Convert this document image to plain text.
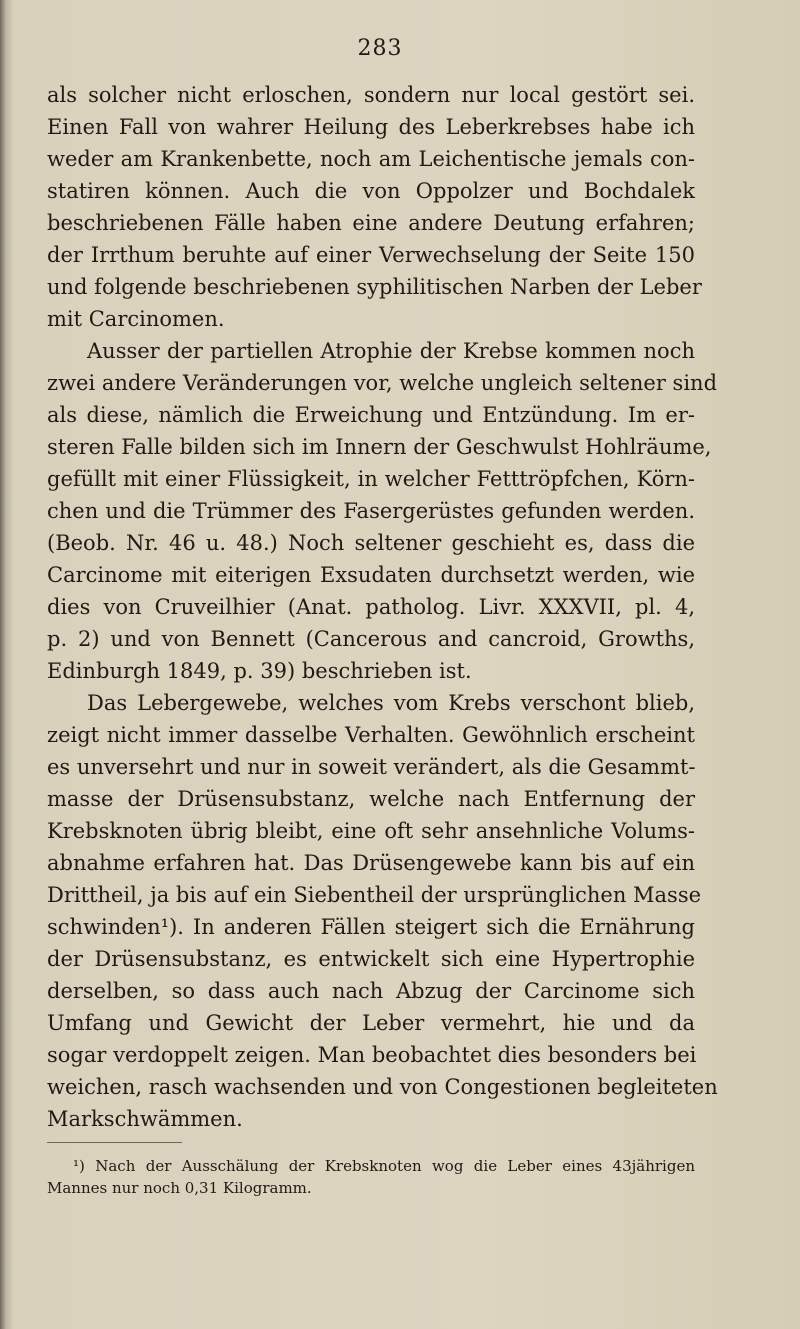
283
als solcher nicht erloschen, sondern nur local gestört sei.
Einen Fall von wahrer Heilung des Leberkrebses habe ich
weder am Krankenbette, noch am Leichentische jemals con-
statiren können. Auch die von Oppolzer und Bochdalek
beschriebenen Fälle haben eine andere Deutung erfahren;
der Irrthum beruhte auf einer Verwechselung der Seite 150
und folgende beschriebenen syphilitischen Narben der Leber
mit Carcinomen.
Ausser der partiellen Atrophie der Krebse kommen noch
zwei andere Veränderungen vor, welche ungleich seltener sind
als diese, nämlich die Erweichung und Entzündung. Im er-
steren Falle bilden sich im Innern der Geschwulst Hohlräume,
gefüllt mit einer Flüssigkeit, in welcher Fetttröpfchen, Körn-
chen und die Trümmer des Fasergerüstes gefunden werden.
(Beob. Nr. 46 u. 48.) Noch seltener geschieht es, dass die
Carcinome mit eiterigen Exsudaten durchsetzt werden, wie
dies von Cruveilhier (Anat. patholog. Livr. XXXVII, pl. 4,
p. 2) und von Bennett (Cancerous and cancroid, Growths,
Edinburgh 1849, p. 39) beschrieben ist.
Das Lebergewebe, welches vom Krebs verschont blieb,
zeigt nicht immer dasselbe Verhalten. Gewöhnlich erscheint
es unversehrt und nur in soweit verändert, als die Gesammt-
masse der Drüsensubstanz, welche nach Entfernung der
Krebsknoten übrig bleibt, eine oft sehr ansehnliche Volums-
abnahme erfahren hat. Das Drüsengewebe kann bis auf ein
Drittheil, ja bis auf ein Siebentheil der ursprünglichen Masse
schwinden¹). In anderen Fällen steigert sich die Ernährung
der Drüsensubstanz, es entwickelt sich eine Hypertrophie
derselben, so dass auch nach Abzug der Carcinome sich
Umfang und Gewicht der Leber vermehrt, hie und da
sogar verdoppelt zeigen. Man beobachtet dies besonders bei
weichen, rasch wachsenden und von Congestionen begleiteten
Markschwämmen.
¹) Nach der Ausschälung der Krebsknoten wog die Leber eines 43jährigen
Mannes nur noch 0,31 Kilogramm.
